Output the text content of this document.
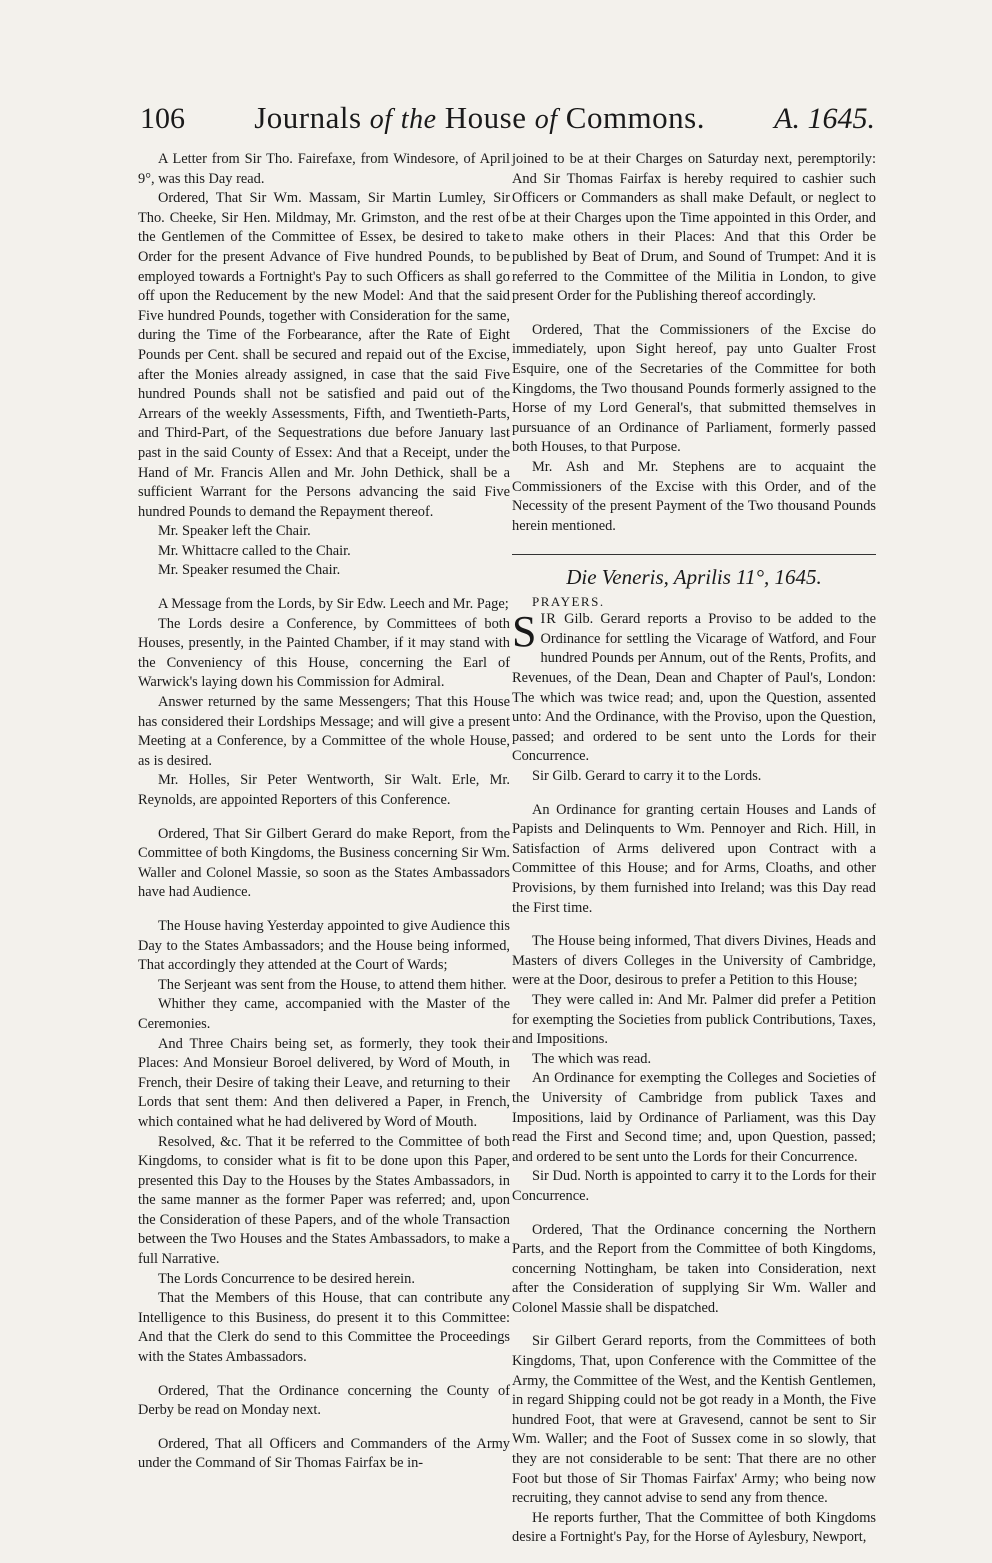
106 Journals of the House of Commons. A. 1645.

A Letter from Sir Tho. Fairefaxe, from Windesore, of April 9°, was this Day read.

Ordered, That Sir Wm. Massam, Sir Martin Lumley, Sir Tho. Cheeke, Sir Hen. Mildmay, Mr. Grimston, and the rest of the Gentlemen of the Committee of Essex, be desired to take Order for the present Advance of Five hundred Pounds, to be employed towards a Fortnight's Pay to such Officers as shall go off upon the Reducement by the new Model: And that the said Five hundred Pounds, together with Consideration for the same, during the Time of the Forbearance, after the Rate of Eight Pounds per Cent. shall be secured and repaid out of the Excise, after the Monies already assigned, in case that the said Five hundred Pounds shall not be satisfied and paid out of the Arrears of the weekly Assessments, Fifth, and Twentieth-Parts, and Third-Part, of the Sequestrations due before January last past in the said County of Essex: And that a Receipt, under the Hand of Mr. Francis Allen and Mr. John Dethick, shall be a sufficient Warrant for the Persons advancing the said Five hundred Pounds to demand the Repayment thereof.

Mr. Speaker left the Chair.

Mr. Whittacre called to the Chair.

Mr. Speaker resumed the Chair.

A Message from the Lords, by Sir Edw. Leech and Mr. Page;

The Lords desire a Conference, by Committees of both Houses, presently, in the Painted Chamber, if it may stand with the Conveniency of this House, concerning the Earl of Warwick's laying down his Commission for Admiral.

Answer returned by the same Messengers; That this House has considered their Lordships Message; and will give a present Meeting at a Conference, by a Committee of the whole House, as is desired.

Mr. Holles, Sir Peter Wentworth, Sir Walt. Erle, Mr. Reynolds, are appointed Reporters of this Conference.

Ordered, That Sir Gilbert Gerard do make Report, from the Committee of both Kingdoms, the Business concerning Sir Wm. Waller and Colonel Massie, so soon as the States Ambassadors have had Audience.

The House having Yesterday appointed to give Audience this Day to the States Ambassadors; and the House being informed, That accordingly they attended at the Court of Wards;

The Serjeant was sent from the House, to attend them hither.

Whither they came, accompanied with the Master of the Ceremonies.

And Three Chairs being set, as formerly, they took their Places: And Monsieur Boroel delivered, by Word of Mouth, in French, their Desire of taking their Leave, and returning to their Lords that sent them: And then delivered a Paper, in French, which contained what he had delivered by Word of Mouth.

Resolved, &c. That it be referred to the Committee of both Kingdoms, to consider what is fit to be done upon this Paper, presented this Day to the Houses by the States Ambassadors, in the same manner as the former Paper was referred; and, upon the Consideration of these Papers, and of the whole Transaction between the Two Houses and the States Ambassadors, to make a full Narrative.

The Lords Concurrence to be desired herein.

That the Members of this House, that can contribute any Intelligence to this Business, do present it to this Committee: And that the Clerk do send to this Committee the Proceedings with the States Ambassadors.

Ordered, That the Ordinance concerning the County of Derby be read on Monday next.

Ordered, That all Officers and Commanders of the Army under the Command of Sir Thomas Fairfax be in-

joined to be at their Charges on Saturday next, peremptorily: And Sir Thomas Fairfax is hereby required to cashier such Officers or Commanders as shall make Default, or neglect to be at their Charges upon the Time appointed in this Order, and to make others in their Places: And that this Order be published by Beat of Drum, and Sound of Trumpet: And it is referred to the Committee of the Militia in London, to give present Order for the Publishing thereof accordingly.

Ordered, That the Commissioners of the Excise do immediately, upon Sight hereof, pay unto Gualter Frost Esquire, one of the Secretaries of the Committee for both Kingdoms, the Two thousand Pounds formerly assigned to the Horse of my Lord General's, that submitted themselves in pursuance of an Ordinance of Parliament, formerly passed both Houses, to that Purpose.

Mr. Ash and Mr. Stephens are to acquaint the Commissioners of the Excise with this Order, and of the Necessity of the present Payment of the Two thousand Pounds herein mentioned.

Die Veneris, Aprilis 11°, 1645.
PRAYERS.

SIR Gilb. Gerard reports a Proviso to be added to the Ordinance for settling the Vicarage of Watford, and Four hundred Pounds per Annum, out of the Rents, Profits, and Revenues, of the Dean, Dean and Chapter of Paul's, London: The which was twice read; and, upon the Question, assented unto: And the Ordinance, with the Proviso, upon the Question, passed; and ordered to be sent unto the Lords for their Concurrence.

Sir Gilb. Gerard to carry it to the Lords.

An Ordinance for granting certain Houses and Lands of Papists and Delinquents to Wm. Pennoyer and Rich. Hill, in Satisfaction of Arms delivered upon Contract with a Committee of this House; and for Arms, Cloaths, and other Provisions, by them furnished into Ireland; was this Day read the First time.

The House being informed, That divers Divines, Heads and Masters of divers Colleges in the University of Cambridge, were at the Door, desirous to prefer a Petition to this House;

They were called in: And Mr. Palmer did prefer a Petition for exempting the Societies from publick Contributions, Taxes, and Impositions.

The which was read.

An Ordinance for exempting the Colleges and Societies of the University of Cambridge from publick Taxes and Impositions, laid by Ordinance of Parliament, was this Day read the First and Second time; and, upon Question, passed; and ordered to be sent unto the Lords for their Concurrence.

Sir Dud. North is appointed to carry it to the Lords for their Concurrence.

Ordered, That the Ordinance concerning the Northern Parts, and the Report from the Committee of both Kingdoms, concerning Nottingham, be taken into Consideration, next after the Consideration of supplying Sir Wm. Waller and Colonel Massie shall be dispatched.

Sir Gilbert Gerard reports, from the Committees of both Kingdoms, That, upon Conference with the Committee of the Army, the Committee of the West, and the Kentish Gentlemen, in regard Shipping could not be got ready in a Month, the Five hundred Foot, that were at Gravesend, cannot be sent to Sir Wm. Waller; and the Foot of Sussex come in so slowly, that they are not considerable to be sent: That there are no other Foot but those of Sir Thomas Fairfax' Army; who being now recruiting, they cannot advise to send any from thence.

He reports further, That the Committee of both Kingdoms desire a Fortnight's Pay, for the Horse of Aylesbury, Newport,
